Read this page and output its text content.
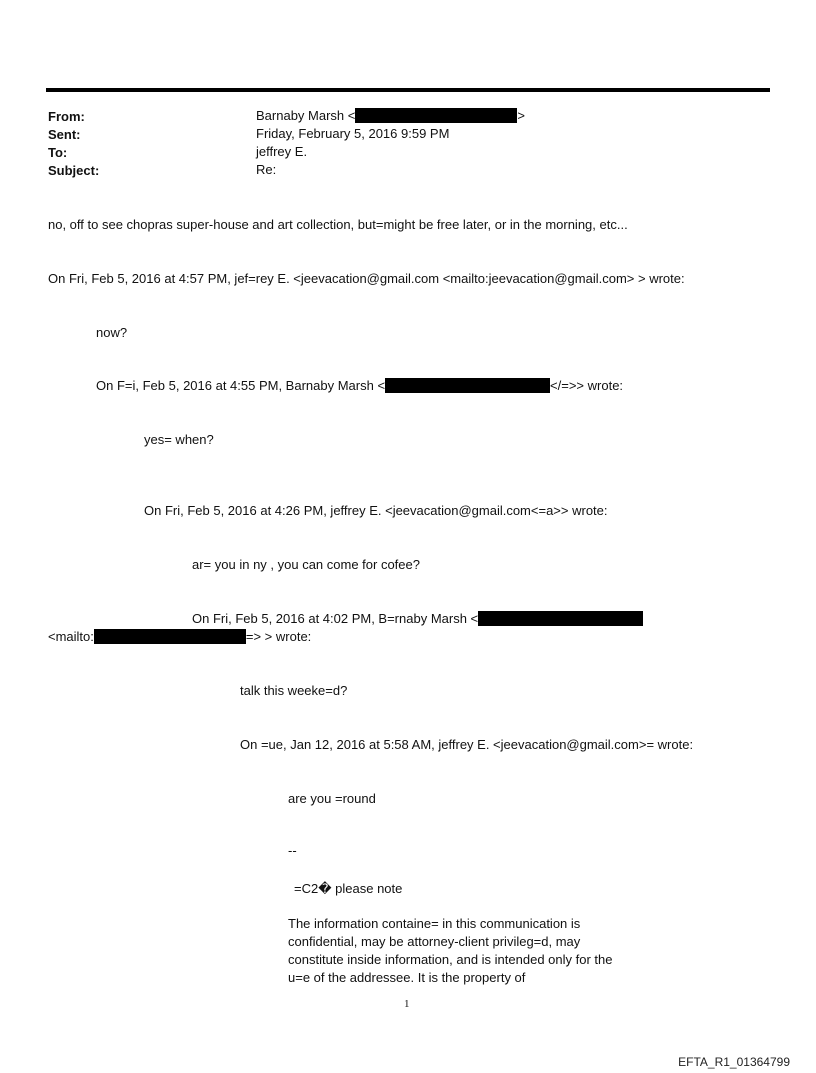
From:	Barnaby Marsh <	>
Sent:	Friday, February 5, 2016 9:59 PM
To:	jeffrey E.
Subject:	Re:
no, off to see chopras super-house and art collection, but=might be free later, or in the morning, etc...
On Fri, Feb 5, 2016 at 4:57 PM, jef=rey E. <jeevacation@gmail.com <mailto:jeevacation@gmail.com> > wrote:
now?
On F=i, Feb 5, 2016 at 4:55 PM, Barnaby Marsh <	</=>> wrote:
yes= when?
On Fri, Feb 5, 2016 at 4:26 PM, jeffrey E. <jeevacation@gmail.com<=a>> wrote:
ar= you in ny , you can come for cofee?
On Fri, Feb 5, 2016 at 4:02 PM, B=rnaby Marsh <
<mailto:	=> > wrote:
talk this weeke=d?
On =ue, Jan 12, 2016 at 5:58 AM, jeffrey E. <jeevacation@gmail.com>= wrote:
are you =round
--
=C2� please note
The information containe= in this communication is confidential, may be attorney-client privileg=d, may constitute inside information, and is intended only for the u=e of the addressee. It is the property of
1
EFTA_R1_01364799
